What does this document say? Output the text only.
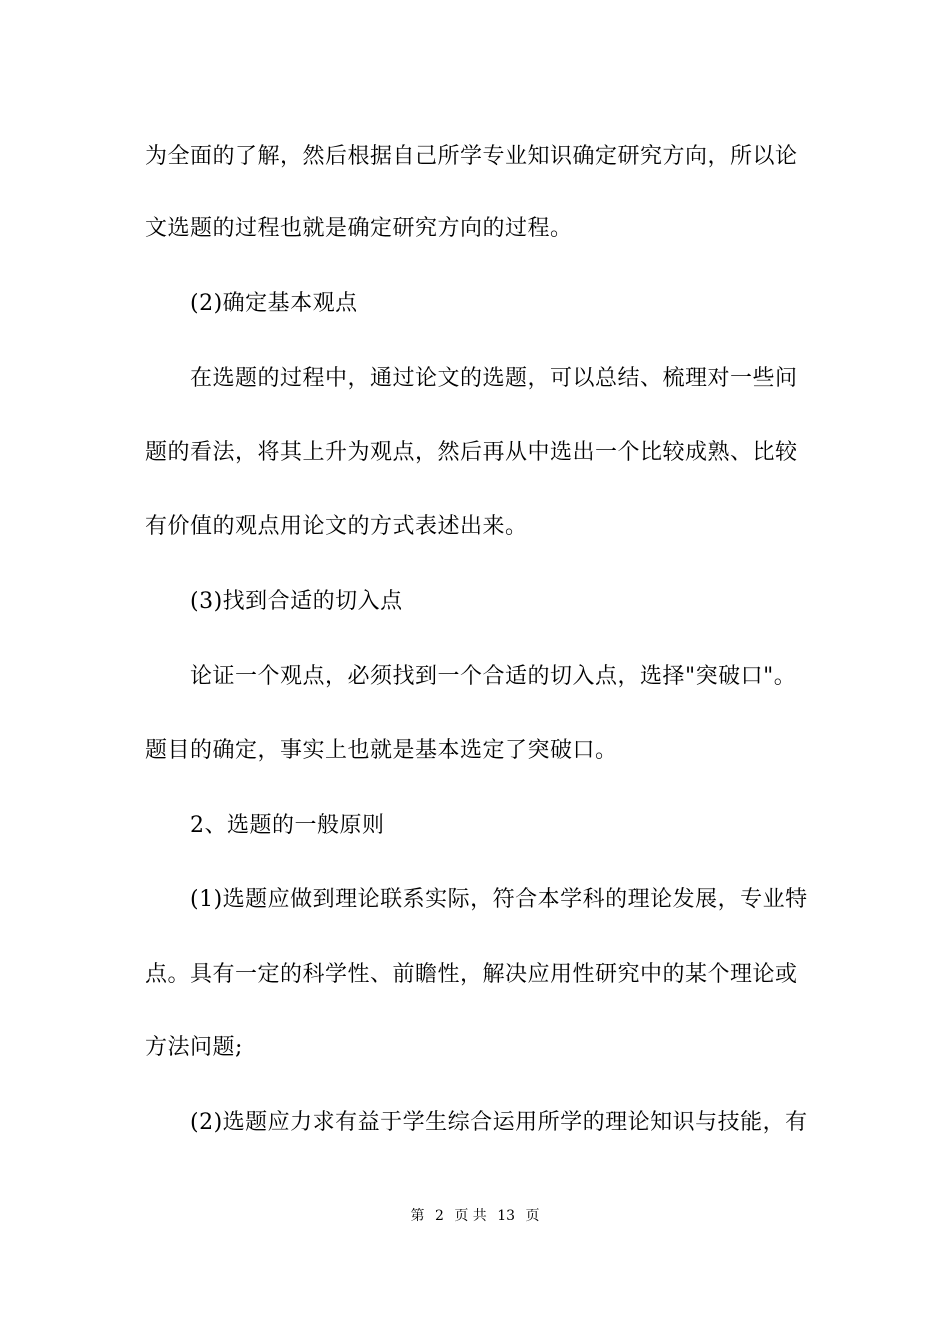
为全面的了解，然后根据自己所学专业知识确定研究方向，所以论
文选题的过程也就是确定研究方向的过程。
(2)确定基本观点
在选题的过程中，通过论文的选题，可以总结、梳理对一些问
题的看法，将其上升为观点，然后再从中选出一个比较成熟、比较
有价值的观点用论文的方式表述出来。
(3)找到合适的切入点
论证一个观点，必须找到一个合适的切入点，选择"突破口"。
题目的确定，事实上也就是基本选定了突破口。
2、选题的一般原则
(1)选题应做到理论联系实际，符合本学科的理论发展，专业特
点。具有一定的科学性、前瞻性，解决应用性研究中的某个理论或
方法问题;
(2)选题应力求有益于学生综合运用所学的理论知识与技能，有
第 2 页 共 13 页
